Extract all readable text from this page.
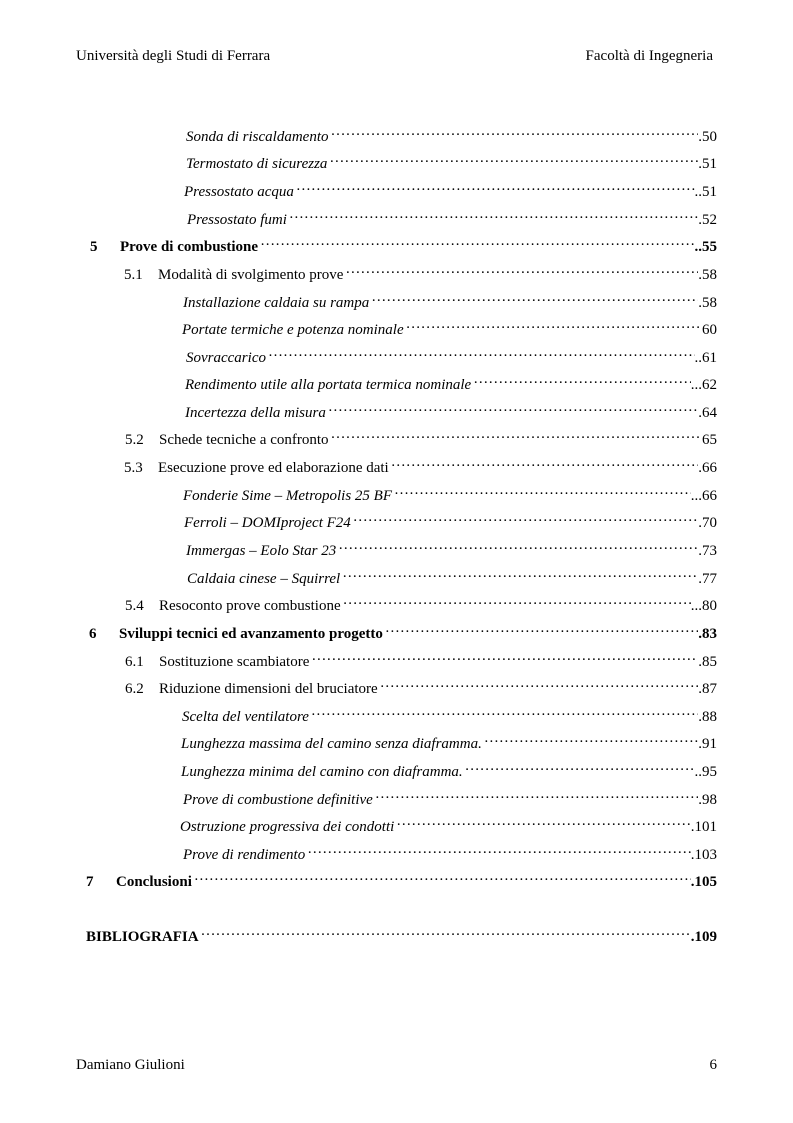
Università degli Studi di Ferrara	Facoltà di Ingegneria
Sonda di riscaldamento …………………………………………………………………………………………………………………………………………………………………………………………………………	.50
Termostato di sicurezza …………………………………………………………………………………………………………………………………………………………………………………………………………	.51
Pressostato acqua …………………………………………………………………………………………………………………………………………………………………………………………………………	..51
Pressostato fumi …………………………………………………………………………………………………………………………………………………………………………………………………………	.52
5	Prove di combustione …………………………………………………………………………………………………………………………………………………………………………………………………………	..55
5.1	Modalità di svolgimento prove …………………………………………………………………………………………………………………………………………………………………………………………………………	.58
Installazione caldaia su rampa …………………………………………………………………………………………………………………………………………………………………………………………………………	.58
Portate termiche e potenza nominale …………………………………………………………………………………………………………………………………………………………………………………………………………	60
Sovraccarico …………………………………………………………………………………………………………………………………………………………………………………………………………	..61
Rendimento utile alla portata termica nominale …………………………………………………………………………………………………………………………………………………………………………………………………………	...62
Incertezza della misura …………………………………………………………………………………………………………………………………………………………………………………………………………	.64
5.2	Schede tecniche a confronto …………………………………………………………………………………………………………………………………………………………………………………………………………	65
5.3	Esecuzione prove ed elaborazione dati …………………………………………………………………………………………………………………………………………………………………………………………………………	.66
Fonderie Sime – Metropolis 25 BF …………………………………………………………………………………………………………………………………………………………………………………………………………	...66
Ferroli – DOMIproject F24 …………………………………………………………………………………………………………………………………………………………………………………………………………	.70
Immergas – Eolo Star 23 …………………………………………………………………………………………………………………………………………………………………………………………………………	.73
Caldaia cinese – Squirrel …………………………………………………………………………………………………………………………………………………………………………………………………………	.77
5.4	Resoconto prove combustione …………………………………………………………………………………………………………………………………………………………………………………………………………	...80
6	Sviluppi tecnici ed avanzamento progetto …………………………………………………………………………………………………………………………………………………………………………………………………………	.83
6.1	Sostituzione scambiatore …………………………………………………………………………………………………………………………………………………………………………………………………………	.85
6.2	Riduzione dimensioni del bruciatore …………………………………………………………………………………………………………………………………………………………………………………………………………	.87
Scelta del ventilatore …………………………………………………………………………………………………………………………………………………………………………………………………………	.88
Lunghezza massima del camino senza diaframma. …………………………………………………………………………………………………………………………………………………………………………………………………………	.91
Lunghezza minima del camino con diaframma. …………………………………………………………………………………………………………………………………………………………………………………………………………	..95
Prove di combustione definitive …………………………………………………………………………………………………………………………………………………………………………………………………………	.98
Ostruzione progressiva dei condotti …………………………………………………………………………………………………………………………………………………………………………………………………………	.101
Prove di rendimento …………………………………………………………………………………………………………………………………………………………………………………………………………	.103
7	Conclusioni …………………………………………………………………………………………………………………………………………………………………………………………………………	.105
BIBLIOGRAFIA …………………………………………………………………………………………………………………………………………………………………………………………………………	.109
Damiano Giulioni	6
